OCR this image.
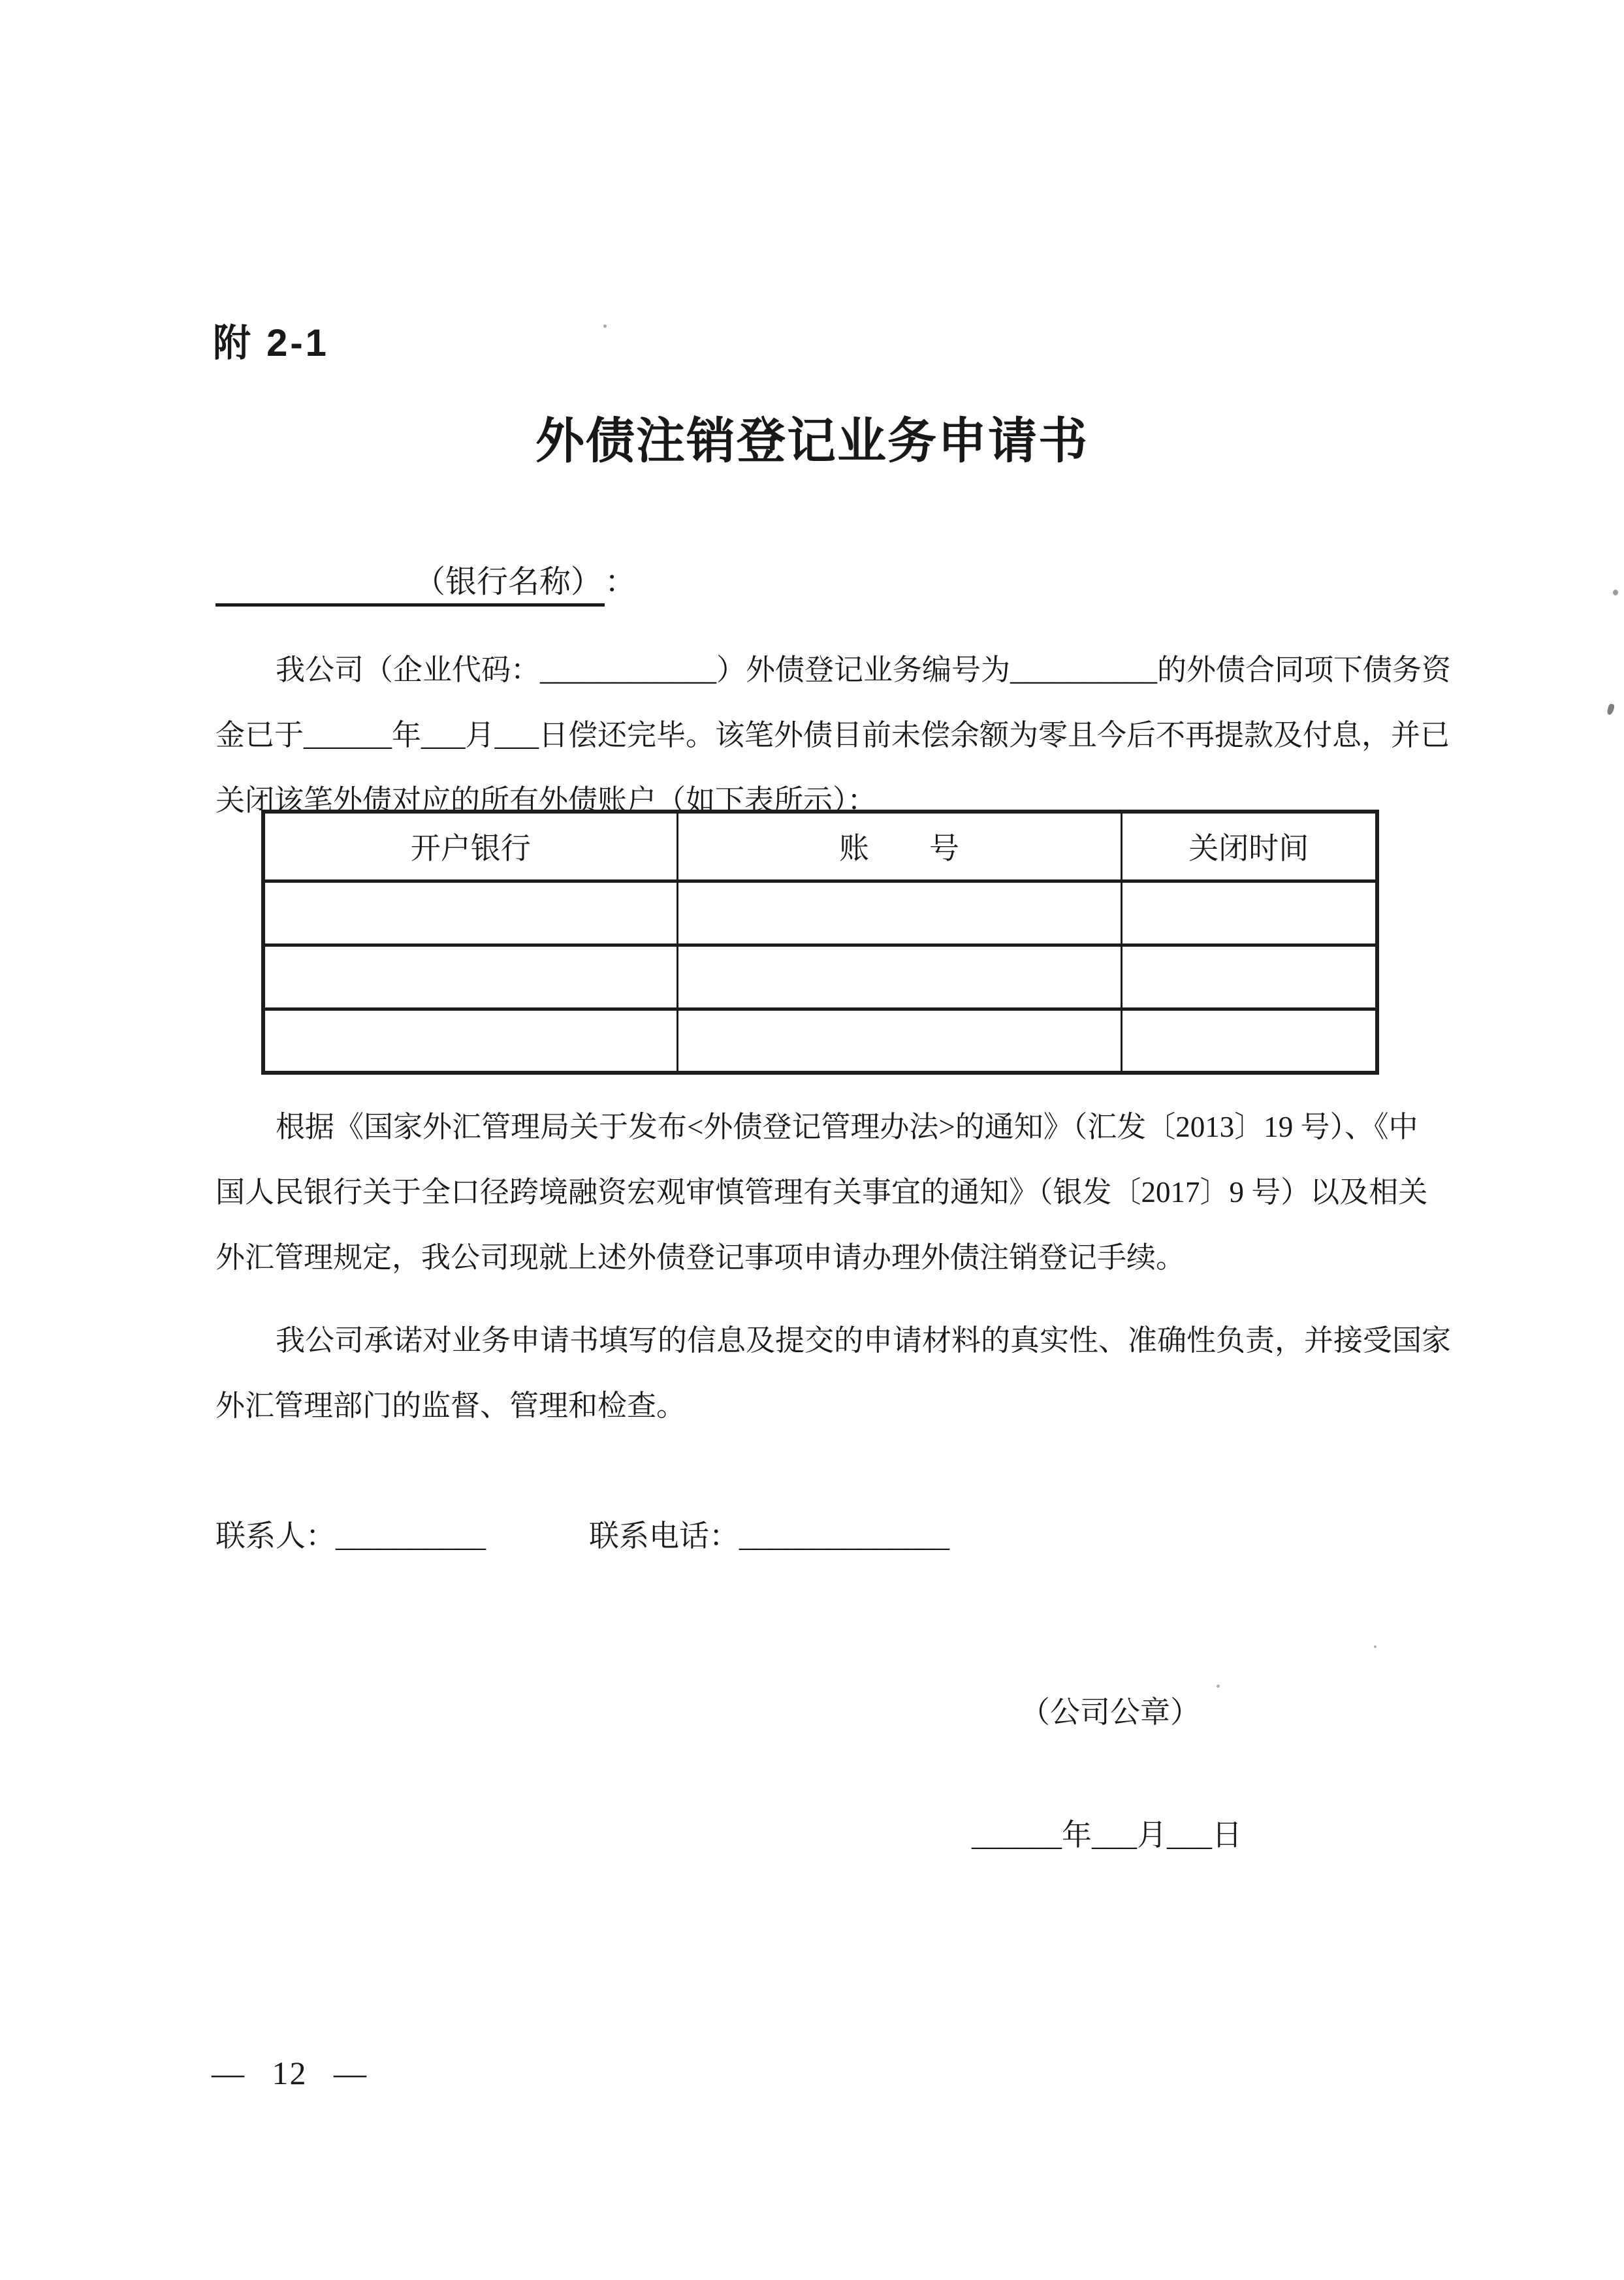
附 2-1
外债注销登记业务申请书
（银行名称）：
我公司（企业代码：____________）外债登记业务编号为__________的外债合同项下债务资
金已于______年___月___日偿还完毕。该笔外债目前未偿余额为零且今后不再提款及付息，并已
关闭该笔外债对应的所有外债账户（如下表所示）：
开户银行	账　　号	关闭时间

根据《国家外汇管理局关于发布<外债登记管理办法>的通知》（汇发〔2013〕19 号）、《中
国人民银行关于全口径跨境融资宏观审慎管理有关事宜的通知》（银发〔2017〕9 号）以及相关
外汇管理规定，我公司现就上述外债登记事项申请办理外债注销登记手续。
我公司承诺对业务申请书填写的信息及提交的申请材料的真实性、准确性负责，并接受国家
外汇管理部门的监督、管理和检查。
联系人：__________	联系电话：______________
（公司公章）
______年___月___日
— 12 —
